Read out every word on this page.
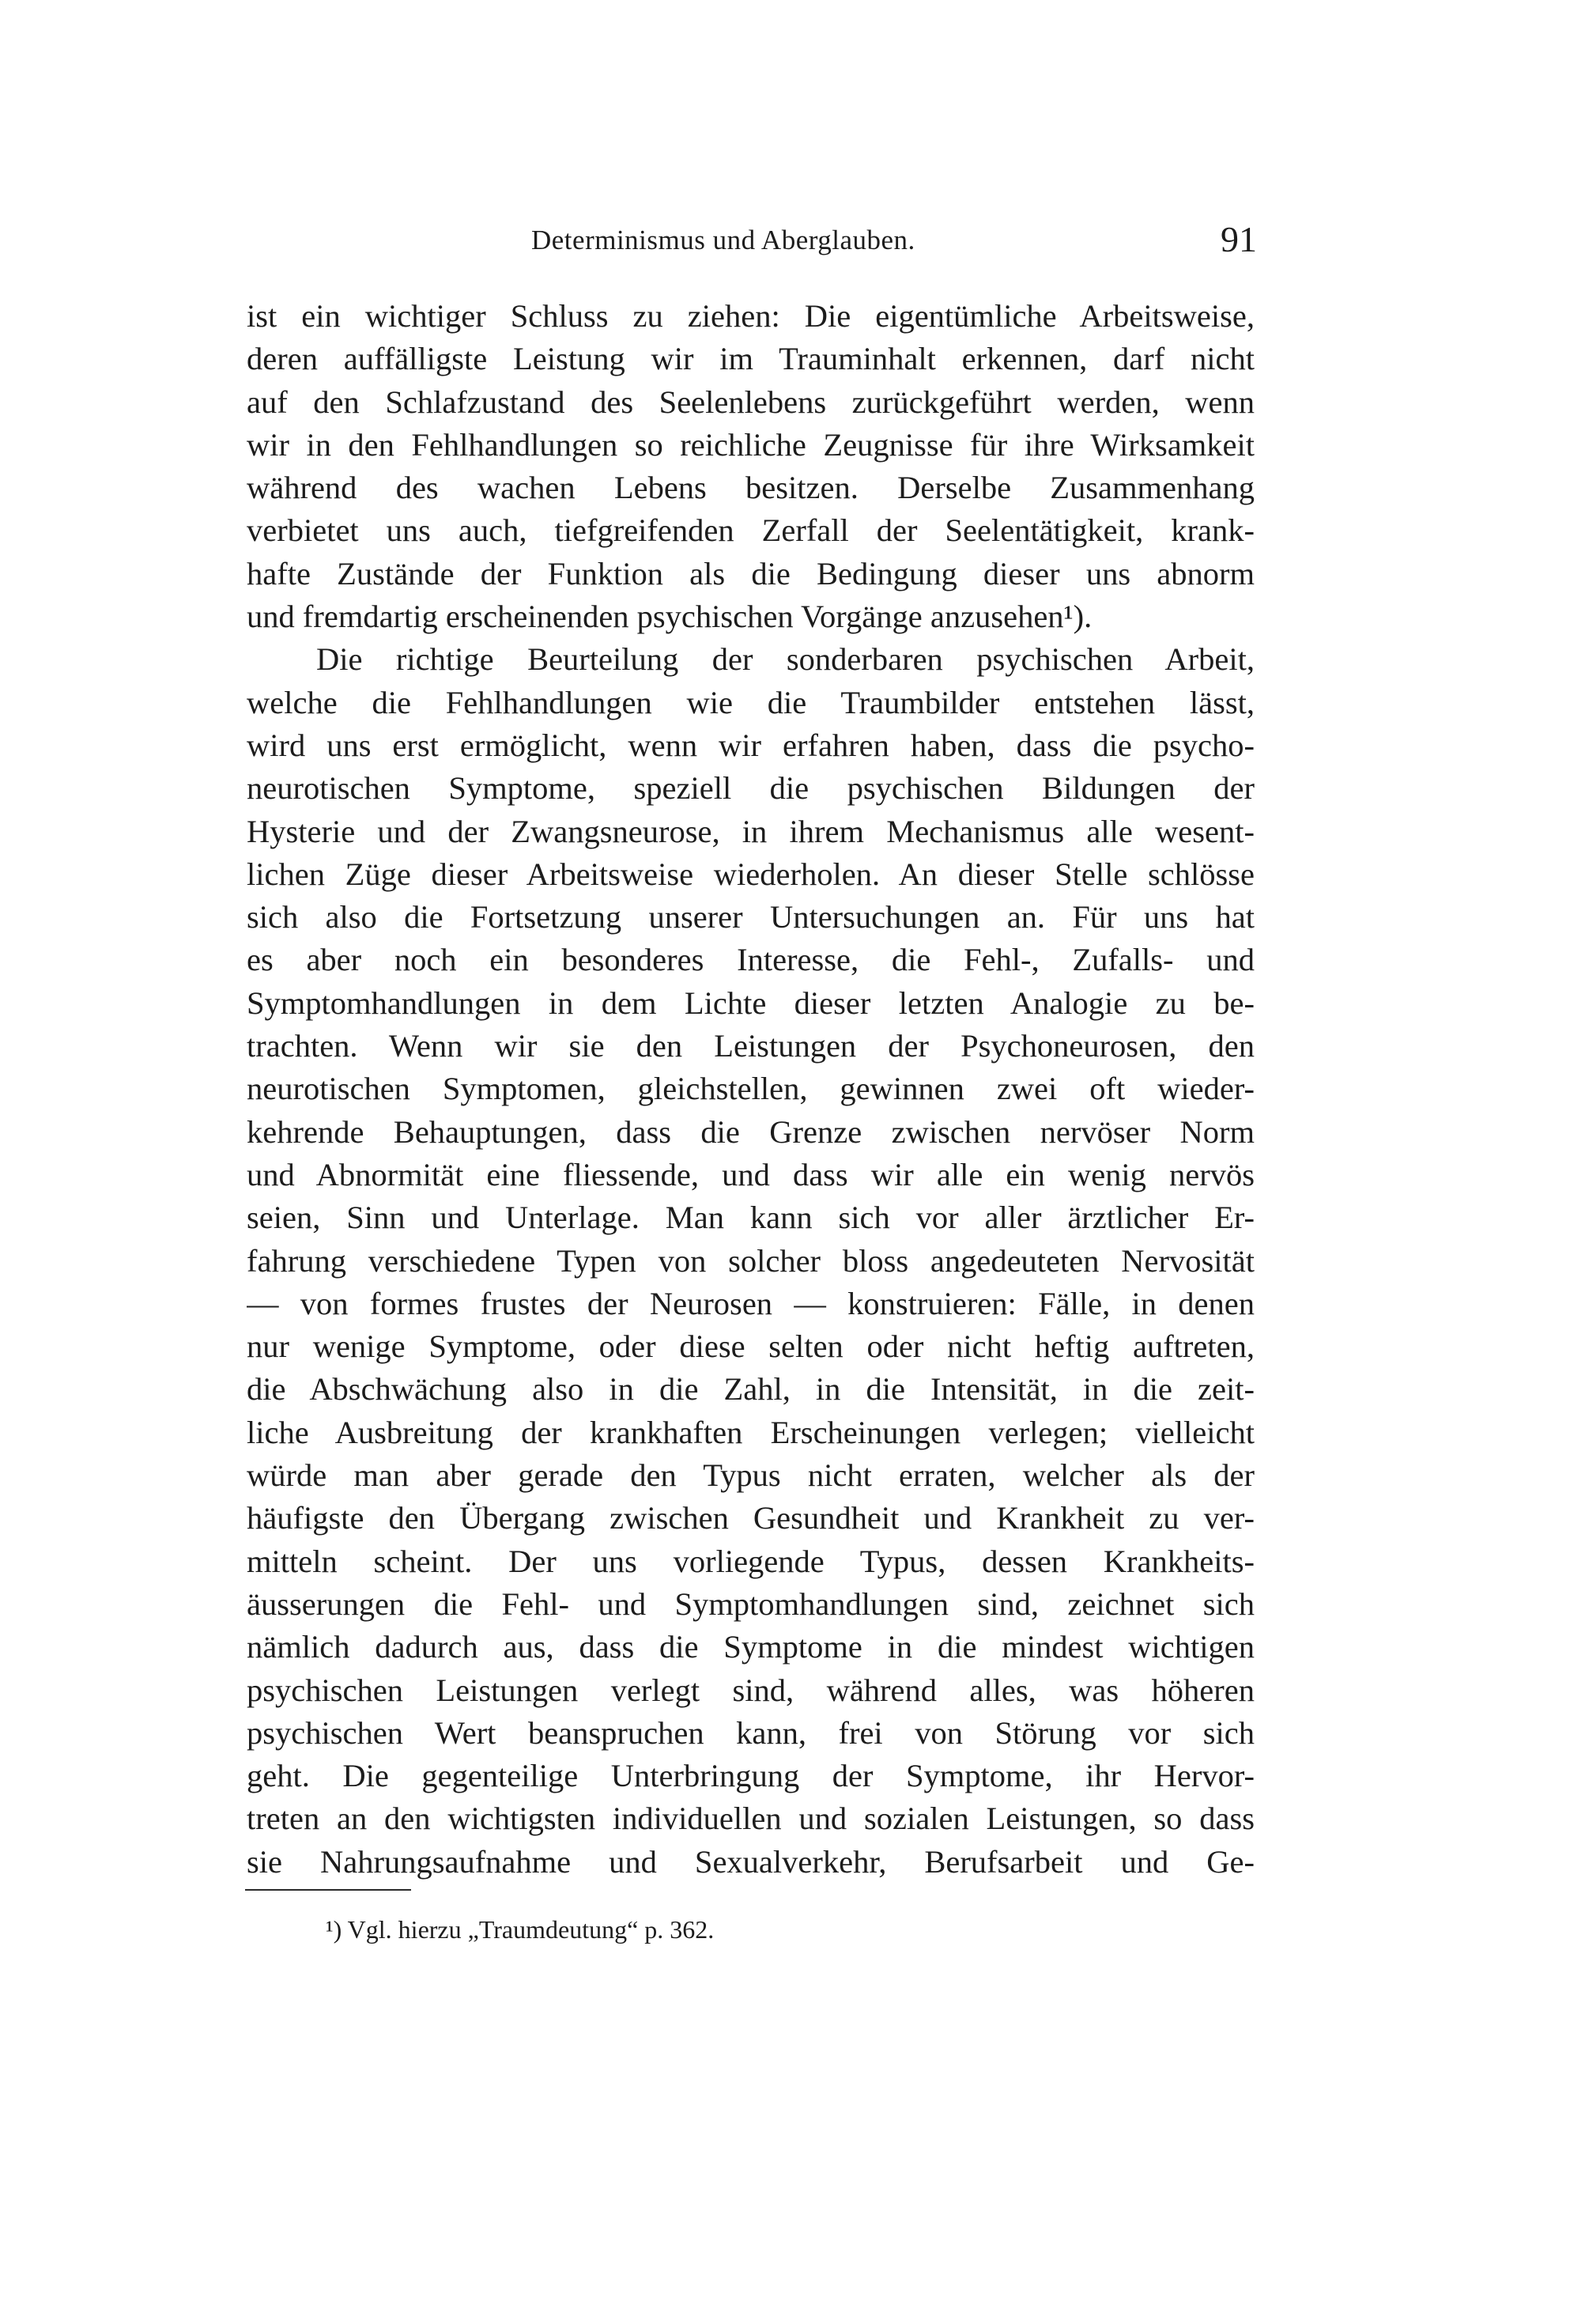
Determinismus und Aberglauben.	91
ist ein wichtiger Schluss zu ziehen: Die eigentümliche Arbeitsweise,
deren auffälligste Leistung wir im Trauminhalt erkennen, darf nicht
auf den Schlafzustand des Seelenlebens zurückgeführt werden, wenn
wir in den Fehlhandlungen so reichliche Zeugnisse für ihre Wirksamkeit
während des wachen Lebens besitzen. Derselbe Zusammenhang
verbietet uns auch, tiefgreifenden Zerfall der Seelentätigkeit, krank-
hafte Zustände der Funktion als die Bedingung dieser uns abnorm
und fremdartig erscheinenden psychischen Vorgänge anzusehen¹).
Die richtige Beurteilung der sonderbaren psychischen Arbeit,
welche die Fehlhandlungen wie die Traumbilder entstehen lässt,
wird uns erst ermöglicht, wenn wir erfahren haben, dass die psycho-
neurotischen Symptome, speziell die psychischen Bildungen der
Hysterie und der Zwangsneurose, in ihrem Mechanismus alle wesent-
lichen Züge dieser Arbeitsweise wiederholen. An dieser Stelle schlösse
sich also die Fortsetzung unserer Untersuchungen an. Für uns hat
es aber noch ein besonderes Interesse, die Fehl-, Zufalls- und
Symptomhandlungen in dem Lichte dieser letzten Analogie zu be-
trachten. Wenn wir sie den Leistungen der Psychoneurosen, den
neurotischen Symptomen, gleichstellen, gewinnen zwei oft wieder-
kehrende Behauptungen, dass die Grenze zwischen nervöser Norm
und Abnormität eine fliessende, und dass wir alle ein wenig nervös
seien, Sinn und Unterlage. Man kann sich vor aller ärztlicher Er-
fahrung verschiedene Typen von solcher bloss angedeuteten Nervosität
— von formes frustes der Neurosen — konstruieren: Fälle, in denen
nur wenige Symptome, oder diese selten oder nicht heftig auftreten,
die Abschwächung also in die Zahl, in die Intensität, in die zeit-
liche Ausbreitung der krankhaften Erscheinungen verlegen; vielleicht
würde man aber gerade den Typus nicht erraten, welcher als der
häufigste den Übergang zwischen Gesundheit und Krankheit zu ver-
mitteln scheint. Der uns vorliegende Typus, dessen Krankheits-
äusserungen die Fehl- und Symptomhandlungen sind, zeichnet sich
nämlich dadurch aus, dass die Symptome in die mindest wichtigen
psychischen Leistungen verlegt sind, während alles, was höheren
psychischen Wert beanspruchen kann, frei von Störung vor sich
geht. Die gegenteilige Unterbringung der Symptome, ihr Hervor-
treten an den wichtigsten individuellen und sozialen Leistungen, so dass
sie Nahrungsaufnahme und Sexualverkehr, Berufsarbeit und Ge-
¹) Vgl. hierzu „Traumdeutung“ p. 362.
